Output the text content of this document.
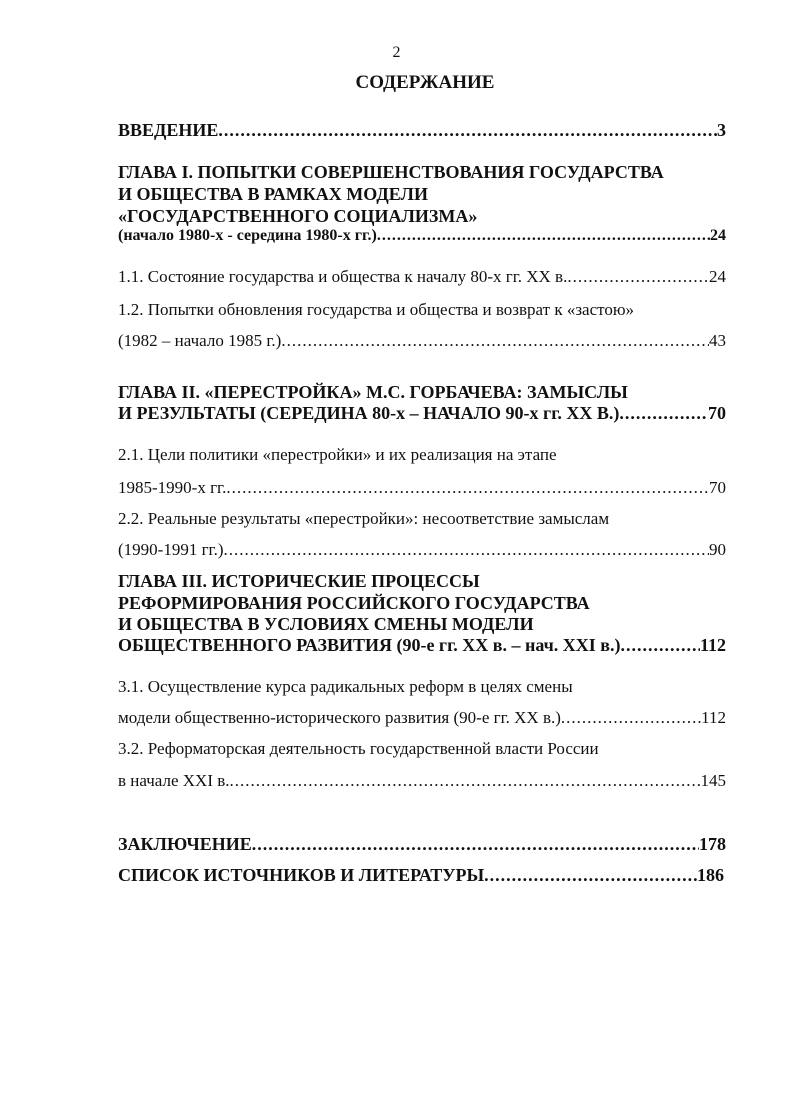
2
СОДЕРЖАНИЕ
ВВЕДЕНИЕ .....	3
ГЛАВА I. ПОПЫТКИ СОВЕРШЕНСТВОВАНИЯ ГОСУДАРСТВА
И ОБЩЕСТВА В РАМКАХ МОДЕЛИ
«ГОСУДАРСТВЕННОГО СОЦИАЛИЗМА»
(начало 1980-х - середина 1980-х гг.) .....	24
1.1. Состояние государства и общества к началу 80-х гг. XX в. .....	24
1.2. Попытки обновления государства и общества и возврат к «застою»
(1982 – начало 1985 г.) .....	43
ГЛАВА II. «ПЕРЕСТРОЙКА» М.С. ГОРБАЧЕВА: ЗАМЫСЛЫ
И РЕЗУЛЬТАТЫ (СЕРЕДИНА 80-х – НАЧАЛО 90-х гг. XX В.) .....	70
2.1. Цели политики «перестройки» и их реализация на этапе
1985-1990-х гг. .....	70
2.2. Реальные результаты «перестройки»: несоответствие замыслам
(1990-1991 гг.) .....	90
ГЛАВА III. ИСТОРИЧЕСКИЕ ПРОЦЕССЫ
РЕФОРМИРОВАНИЯ РОССИЙСКОГО ГОСУДАРСТВА
И ОБЩЕСТВА В УСЛОВИЯХ СМЕНЫ МОДЕЛИ
ОБЩЕСТВЕННОГО РАЗВИТИЯ (90-е гг. XX в. – нач. XXI в.) .....	112
3.1. Осуществление курса радикальных реформ в целях смены
модели общественно-исторического развития (90-е гг. XX в.) .....	112
3.2. Реформаторская деятельность государственной власти России
в начале XXI в. .....	145
ЗАКЛЮЧЕНИЕ .....	178
СПИСОК ИСТОЧНИКОВ И ЛИТЕРАТУРЫ .....	186
